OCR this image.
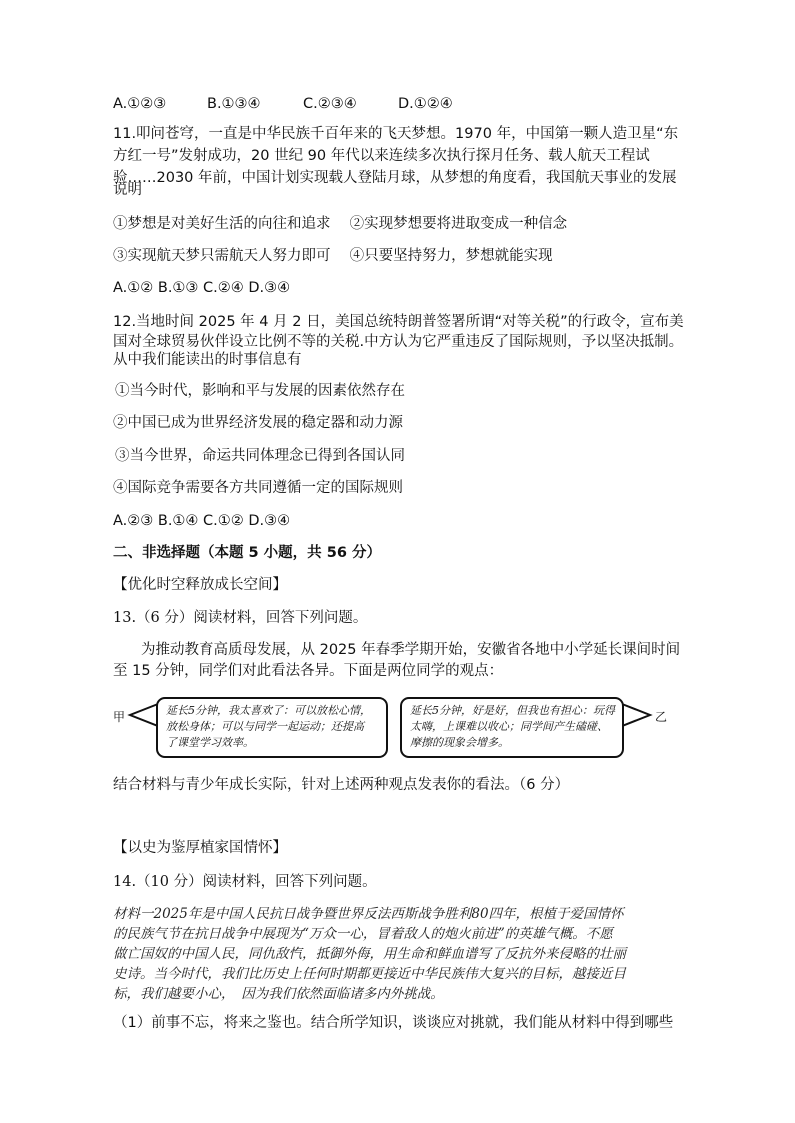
A.①②③	B.①③④	C.②③④	D.①②④
11.叩问苍穹，一直是中华民族千百年来的飞天梦想。1970 年，中国第一颗人造卫星“东
方红一号”发射成功，20 世纪 90 年代以来连续多次执行探月任务、载人航天工程试
验……2030 年前，中国计划实现载人登陆月球，从梦想的角度看，我国航天事业的发展
说明
①梦想是对美好生活的向往和追求　 ②实现梦想要将进取变成一种信念
③实现航天梦只需航天人努力即可　 ④只要坚持努力，梦想就能实现
A.①② B.①③ C.②④ D.③④
12.当地时间 2025 年 4 月 2 日，美国总统特朗普签署所谓“对等关税”的行政令，宣布美
国对全球贸易伙伴设立比例不等的关税.中方认为它严重违反了国际规则，予以坚决抵制。
从中我们能读出的时事信息有
①当今时代，影响和平与发展的因素依然存在
②中国已成为世界经济发展的稳定器和动力源
③当今世界，命运共同体理念已得到各国认同
④国际竞争需要各方共同遵循一定的国际规则
A.②③ B.①④ C.①② D.③④
二、非选择题（本题 5 小题，共 56 分）
【优化时空释放成长空间】
13.（6 分）阅读材料，回答下列问题。
为推动教育高质母发展，从 2025 年春季学期开始，安徽省各地中小学延长课间时间
至 15 分钟，同学们对此看法各异。下面是两位同学的观点：
甲	乙
延长5分钟，我太喜欢了：可以放松心情，
放松身体；可以与同学一起运动；还提高
了课堂学习效率。
延长5分钟，好是好，但我也有担心：玩得
太嗨，上课难以收心；同学间产生磕碰、
摩擦的现象会增多。
结合材料与青少年成长实际，针对上述两种观点发表你的看法。（6 分）
【以史为鉴厚植家国情怀】
14.（10 分）阅读材料，回答下列问题。
材料一2025年是中国人民抗日战争暨世界反法西斯战争胜利80四年，根植于爱国情怀
的民族气节在抗日战争中展现为“万众一心，冒着敌人的炮火前进”的英雄气概。不愿
做亡国奴的中国人民，同仇敌忾，抵御外侮，用生命和鲜血谱写了反抗外来侵略的壮丽
史诗。当今时代，我们比历史上任何时期都更接近中华民族伟大复兴的目标，越接近目
标，我们越要小心，　因为我们依然面临诸多内外挑战。
（1）前事不忘，将来之鉴也。结合所学知识，谈谈应对挑就，我们能从材料中得到哪些
